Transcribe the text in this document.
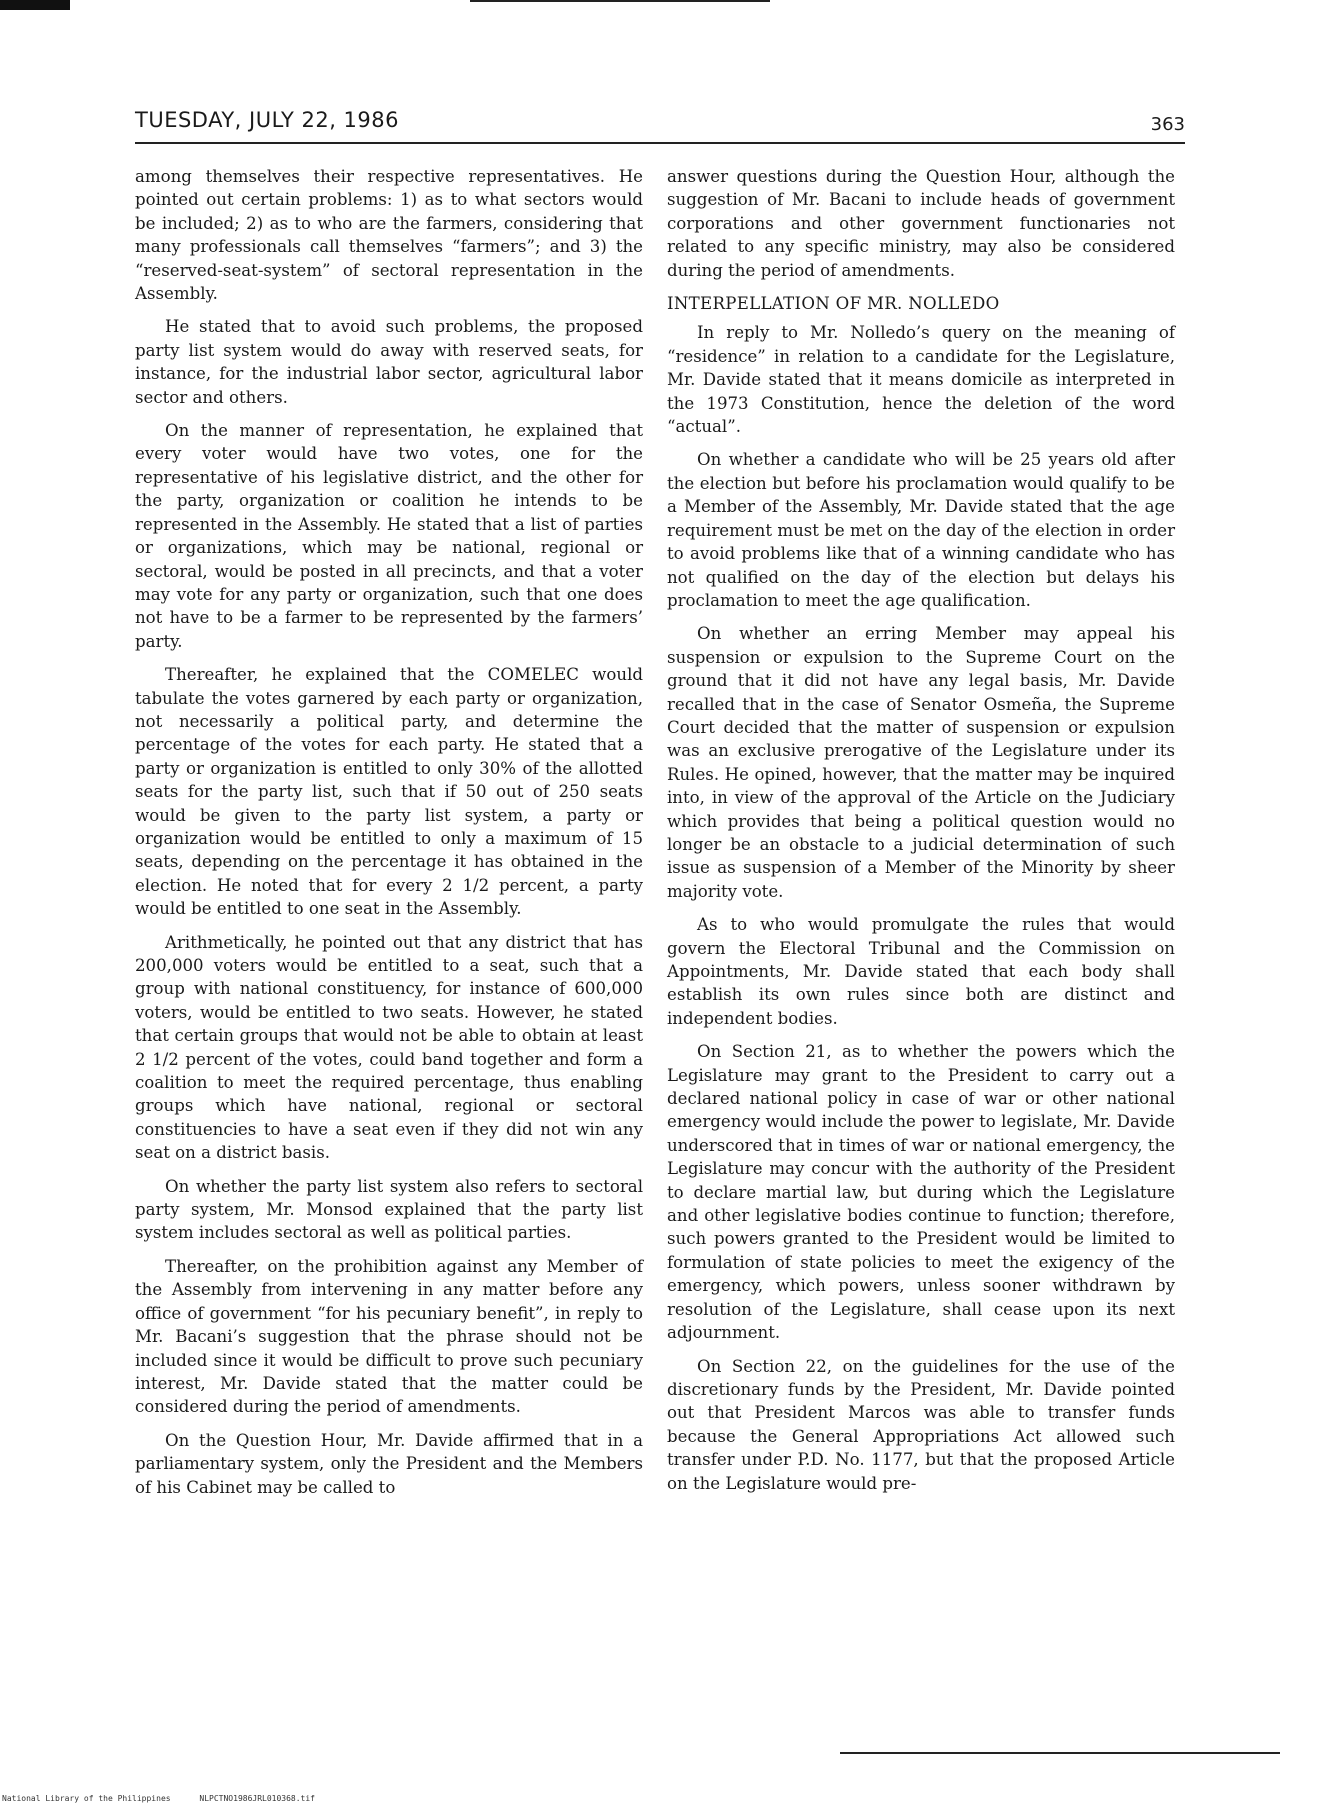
TUESDAY, JULY 22, 1986	363

among themselves their respective representatives. He pointed out certain problems: 1) as to what sectors would be included; 2) as to who are the farmers, considering that many professionals call themselves “farmers”; and 3) the “reserved-seat-system” of sectoral representation in the Assembly.

He stated that to avoid such problems, the proposed party list system would do away with reserved seats, for instance, for the industrial labor sector, agricultural labor sector and others.

On the manner of representation, he explained that every voter would have two votes, one for the representative of his legislative district, and the other for the party, organization or coalition he intends to be represented in the Assembly. He stated that a list of parties or organizations, which may be national, regional or sectoral, would be posted in all precincts, and that a voter may vote for any party or organization, such that one does not have to be a farmer to be represented by the farmers’ party.

Thereafter, he explained that the COMELEC would tabulate the votes garnered by each party or organization, not necessarily a political party, and determine the percentage of the votes for each party. He stated that a party or organization is entitled to only 30% of the allotted seats for the party list, such that if 50 out of 250 seats would be given to the party list system, a party or organization would be entitled to only a maximum of 15 seats, depending on the percentage it has obtained in the election. He noted that for every 2 1/2 percent, a party would be entitled to one seat in the Assembly.

Arithmetically, he pointed out that any district that has 200,000 voters would be entitled to a seat, such that a group with national constituency, for instance of 600,000 voters, would be entitled to two seats. However, he stated that certain groups that would not be able to obtain at least 2 1/2 percent of the votes, could band together and form a coalition to meet the required percentage, thus enabling groups which have national, regional or sectoral constituencies to have a seat even if they did not win any seat on a district basis.

On whether the party list system also refers to sectoral party system, Mr. Monsod explained that the party list system includes sectoral as well as political parties.

Thereafter, on the prohibition against any Member of the Assembly from intervening in any matter before any office of government “for his pecuniary benefit”, in reply to Mr. Bacani’s suggestion that the phrase should not be included since it would be difficult to prove such pecuniary interest, Mr. Davide stated that the matter could be considered during the period of amendments.

On the Question Hour, Mr. Davide affirmed that in a parliamentary system, only the President and the Members of his Cabinet may be called to

answer questions during the Question Hour, although the suggestion of Mr. Bacani to include heads of government corporations and other government functionaries not related to any specific ministry, may also be considered during the period of amendments.

INTERPELLATION OF MR. NOLLEDO

In reply to Mr. Nolledo’s query on the meaning of “residence” in relation to a candidate for the Legislature, Mr. Davide stated that it means domicile as interpreted in the 1973 Constitution, hence the deletion of the word “actual”.

On whether a candidate who will be 25 years old after the election but before his proclamation would qualify to be a Member of the Assembly, Mr. Davide stated that the age requirement must be met on the day of the election in order to avoid problems like that of a winning candidate who has not qualified on the day of the election but delays his proclamation to meet the age qualification.

On whether an erring Member may appeal his suspension or expulsion to the Supreme Court on the ground that it did not have any legal basis, Mr. Davide recalled that in the case of Senator Osmeña, the Supreme Court decided that the matter of suspension or expulsion was an exclusive prerogative of the Legislature under its Rules. He opined, however, that the matter may be inquired into, in view of the approval of the Article on the Judiciary which provides that being a political question would no longer be an obstacle to a judicial determination of such issue as suspension of a Member of the Minority by sheer majority vote.

As to who would promulgate the rules that would govern the Electoral Tribunal and the Commission on Appointments, Mr. Davide stated that each body shall establish its own rules since both are distinct and independent bodies.

On Section 21, as to whether the powers which the Legislature may grant to the President to carry out a declared national policy in case of war or other national emergency would include the power to legislate, Mr. Davide underscored that in times of war or national emergency, the Legislature may concur with the authority of the President to declare martial law, but during which the Legislature and other legislative bodies continue to function; therefore, such powers granted to the President would be limited to formulation of state policies to meet the exigency of the emergency, which powers, unless sooner withdrawn by resolution of the Legislature, shall cease upon its next adjournment.

On Section 22, on the guidelines for the use of the discretionary funds by the President, Mr. Davide pointed out that President Marcos was able to transfer funds because the General Appropriations Act allowed such transfer under P.D. No. 1177, but that the proposed Article on the Legislature would pre-

National Library of the Philippines	NLPCTNO1986JRL010368.tif
